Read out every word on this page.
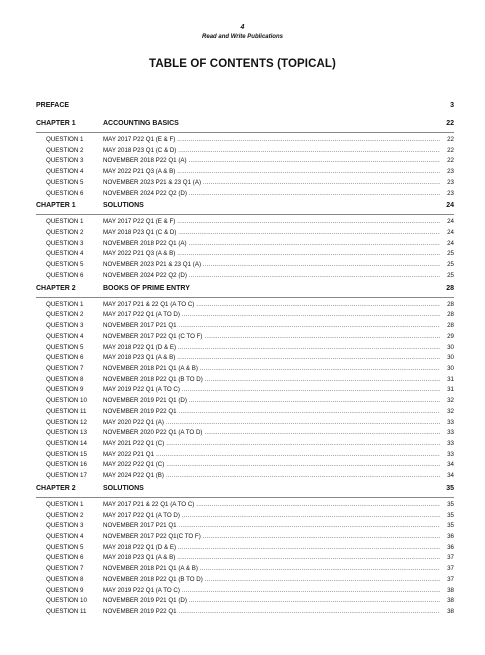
4
Read and Write Publications
TABLE OF CONTENTS (TOPICAL)
PREFACE	3
CHAPTER 1	ACCOUNTING BASICS	22
QUESTION 1	MAY 2017 P22 Q1 (E & F) .....	22
QUESTION 2	MAY 2018 P23 Q1 (C & D) .....	22
QUESTION 3	NOVEMBER 2018 P22 Q1 (A) .....	22
QUESTION 4	MAY 2022 P21 Q3 (A & B) .....	23
QUESTION 5	NOVEMBER 2023 P21 & 23 Q1 (A) .....	23
QUESTION 6	NOVEMBER 2024 P22 Q2 (D) .....	23
CHAPTER 1	SOLUTIONS	24
QUESTION 1	MAY 2017 P22 Q1 (E & F) .....	24
QUESTION 2	MAY 2018 P23 Q1 (C & D) .....	24
QUESTION 3	NOVEMBER 2018 P22 Q1 (A) .....	24
QUESTION 4	MAY 2022 P21 Q3 (A & B) .....	25
QUESTION 5	NOVEMBER 2023 P21 & 23 Q1 (A) .....	25
QUESTION 6	NOVEMBER 2024 P22 Q2 (D) .....	25
CHAPTER 2	BOOKS OF PRIME ENTRY	28
QUESTION 1	MAY 2017 P21 & 22 Q1 (A TO C) .....	28
QUESTION 2	MAY 2017 P22 Q1 (A TO D) .....	28
QUESTION 3	NOVEMBER 2017 P21 Q1 .....	28
QUESTION 4	NOVEMBER 2017 P22 Q1 (C TO F) .....	29
QUESTION 5	MAY 2018 P22 Q1 (D & E) .....	30
QUESTION 6	MAY 2018 P23 Q1 (A & B) .....	30
QUESTION 7	NOVEMBER 2018 P21 Q1 (A & B) .....	30
QUESTION 8	NOVEMBER 2018 P22 Q1 (B TO D) .....	31
QUESTION 9	MAY 2019 P22 Q1 (A TO C) .....	31
QUESTION 10	NOVEMBER 2019 P21 Q1 (D) .....	32
QUESTION 11	NOVEMBER 2019 P22 Q1 .....	32
QUESTION 12	MAY 2020 P22 Q1 (A) .....	33
QUESTION 13	NOVEMBER 2020 P22 Q1 (A TO D) .....	33
QUESTION 14	MAY 2021 P22 Q1 (C) .....	33
QUESTION 15	MAY 2022 P21 Q1 .....	33
QUESTION 16	MAY 2022 P22 Q1 (C) .....	34
QUESTION 17	MAY 2024 P22 Q1 (B) .....	34
CHAPTER 2	SOLUTIONS	35
QUESTION 1	MAY 2017 P21 & 22 Q1 (A TO C) .....	35
QUESTION 2	MAY 2017 P22 Q1 (A TO D) .....	35
QUESTION 3	NOVEMBER 2017 P21 Q1 .....	35
QUESTION 4	NOVEMBER 2017 P22 Q1(C TO F) .....	36
QUESTION 5	MAY 2018 P22 Q1 (D & E) .....	36
QUESTION 6	MAY 2018 P23 Q1 (A & B) .....	37
QUESTION 7	NOVEMBER 2018 P21 Q1 (A & B) .....	37
QUESTION 8	NOVEMBER 2018 P22 Q1 (B TO D) .....	37
QUESTION 9	MAY 2019 P22 Q1 (A TO C) .....	38
QUESTION 10	NOVEMBER 2019 P21 Q1 (D) .....	38
QUESTION 11	NOVEMBER 2019 P22 Q1 .....	38
